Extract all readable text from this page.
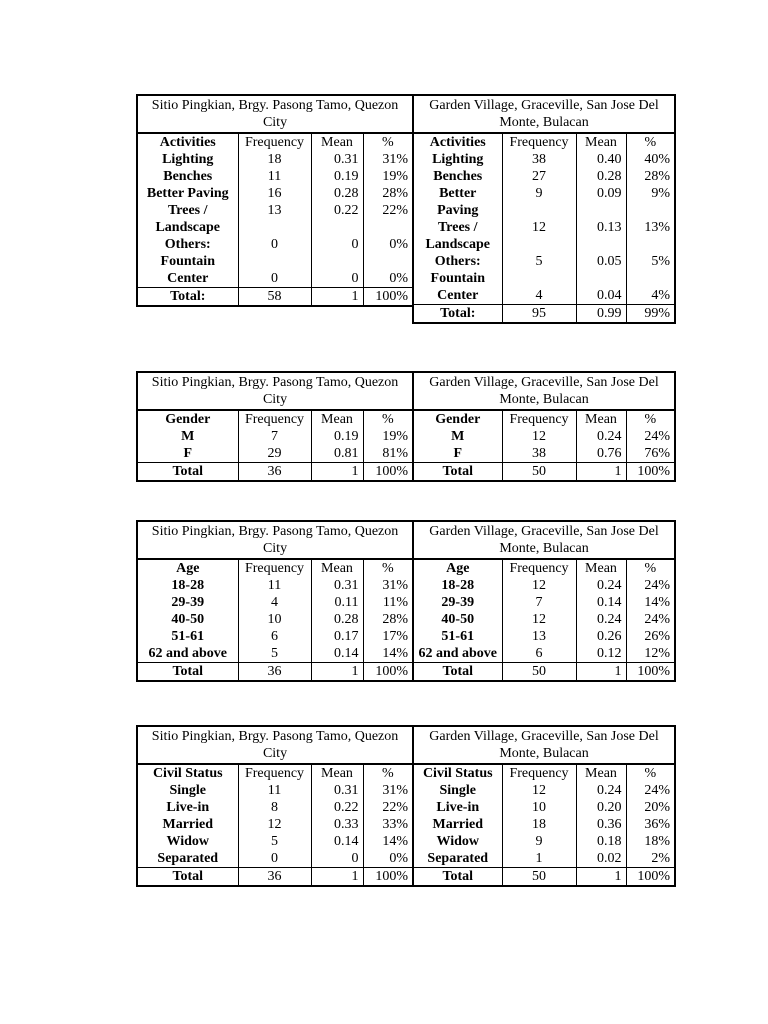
Sitio Pingkian, Brgy. Pasong Tamo, Quezon City			
Activities	Frequency	Mean	%
Lighting	18	0.31	31%
Benches	11	0.19	19%
Better Paving	16	0.28	28%
Trees / Landscape	13	0.22	22%
Others: Fountain	0	0	0%
Center	0	0	0%
Total:	58	1	100%
Garden Village, Graceville, San Jose Del Monte, Bulacan			
Activities	Frequency	Mean	%
Lighting	38	0.40	40%
Benches	27	0.28	28%
Better Paving	9	0.09	9%
Trees / Landscape	12	0.13	13%
Others: Fountain	5	0.05	5%
Center	4	0.04	4%
Total:	95	0.99	99%
Sitio Pingkian, Brgy. Pasong Tamo, Quezon City			
Gender	Frequency	Mean	%
M	7	0.19	19%
F	29	0.81	81%
Total	36	1	100%
Garden Village, Graceville, San Jose Del Monte, Bulacan			
Gender	Frequency	Mean	%
M	12	0.24	24%
F	38	0.76	76%
Total	50	1	100%
Sitio Pingkian, Brgy. Pasong Tamo, Quezon City			
Age	Frequency	Mean	%
18-28	11	0.31	31%
29-39	4	0.11	11%
40-50	10	0.28	28%
51-61	6	0.17	17%
62 and above	5	0.14	14%
Total	36	1	100%
Garden Village, Graceville, San Jose Del Monte, Bulacan			
Age	Frequency	Mean	%
18-28	12	0.24	24%
29-39	7	0.14	14%
40-50	12	0.24	24%
51-61	13	0.26	26%
62 and above	6	0.12	12%
Total	50	1	100%
Sitio Pingkian, Brgy. Pasong Tamo, Quezon City			
Civil Status	Frequency	Mean	%
Single	11	0.31	31%
Live-in	8	0.22	22%
Married	12	0.33	33%
Widow	5	0.14	14%
Separated	0	0	0%
Total	36	1	100%
Garden Village, Graceville, San Jose Del Monte, Bulacan			
Civil Status	Frequency	Mean	%
Single	12	0.24	24%
Live-in	10	0.20	20%
Married	18	0.36	36%
Widow	9	0.18	18%
Separated	1	0.02	2%
Total	50	1	100%
